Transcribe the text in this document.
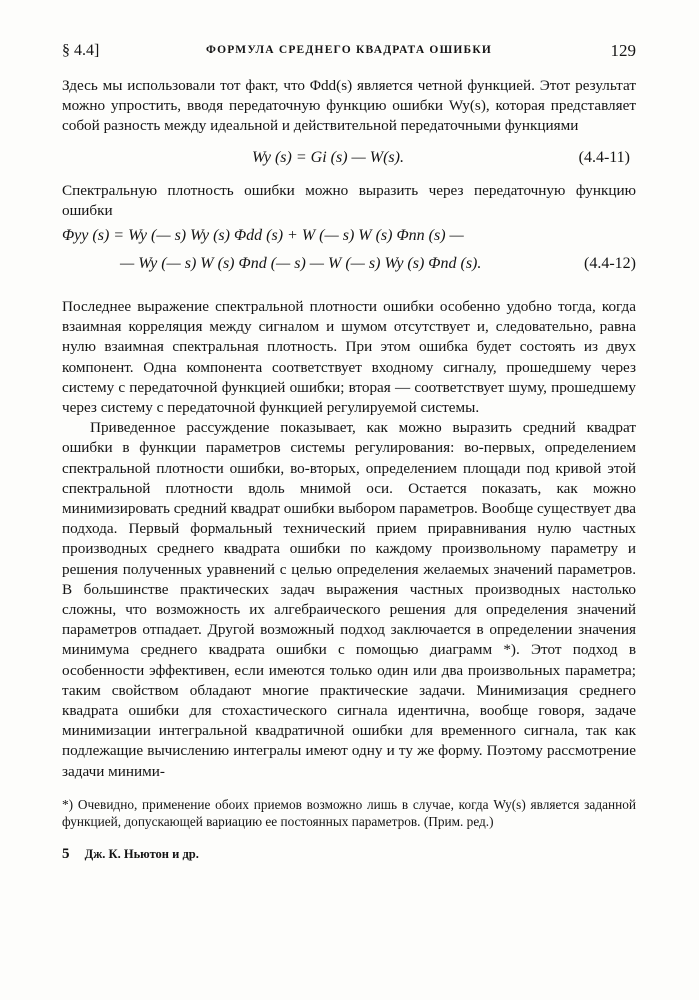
§ 4.4]	ФОРМУЛА СРЕДНЕГО КВАДРАТА ОШИБКИ	129

Здесь мы использовали тот факт, что Φdd(s) является четной функцией. Этот результат можно упростить, вводя передаточную функцию ошибки Wy(s), которая представляет собой разность между идеальной и действительной передаточными функциями

Wy (s) = Gi (s) — W(s).	(4.4-11)

Спектральную плотность ошибки можно выразить через передаточную функцию ошибки

Φyy (s) = Wy (— s) Wy (s) Φdd (s) + W (— s) W (s) Φnn (s) —
— Wy (— s) W (s) Φnd (— s) — W (— s) Wy (s) Φnd (s).	(4.4-12)

Последнее выражение спектральной плотности ошибки особенно удобно тогда, когда взаимная корреляция между сигналом и шумом отсутствует и, следовательно, равна нулю взаимная спектральная плотность. При этом ошибка будет состоять из двух компонент. Одна компонента соответствует входному сигналу, прошедшему через систему с передаточной функцией ошибки; вторая — соответствует шуму, прошедшему через систему с передаточной функцией регулируемой системы.

Приведенное рассуждение показывает, как можно выразить средний квадрат ошибки в функции параметров системы регулирования: во-первых, определением спектральной плотности ошибки, во-вторых, определением площади под кривой этой спектральной плотности вдоль мнимой оси. Остается показать, как можно минимизировать средний квадрат ошибки выбором параметров. Вообще существует два подхода. Первый формальный технический прием приравнивания нулю частных производных среднего квадрата ошибки по каждому произвольному параметру и решения полученных уравнений с целью определения желаемых значений параметров. В большинстве практических задач выражения частных производных настолько сложны, что возможность их алгебраического решения для определения значений параметров отпадает. Другой возможный подход заключается в определении значения минимума среднего квадрата ошибки с помощью диаграмм *). Этот подход в особенности эффективен, если имеются только один или два произвольных параметра; таким свойством обладают многие практические задачи. Минимизация среднего квадрата ошибки для стохастического сигнала идентична, вообще говоря, задаче минимизации интегральной квадратичной ошибки для временного сигнала, так как подлежащие вычислению интегралы имеют одну и ту же форму. Поэтому рассмотрение задачи миними-

*) Очевидно, применение обоих приемов возможно лишь в случае, когда Wy(s) является заданной функцией, допускающей вариацию ее постоянных параметров. (Прим. ред.)

5 Дж. К. Ньютон и др.
